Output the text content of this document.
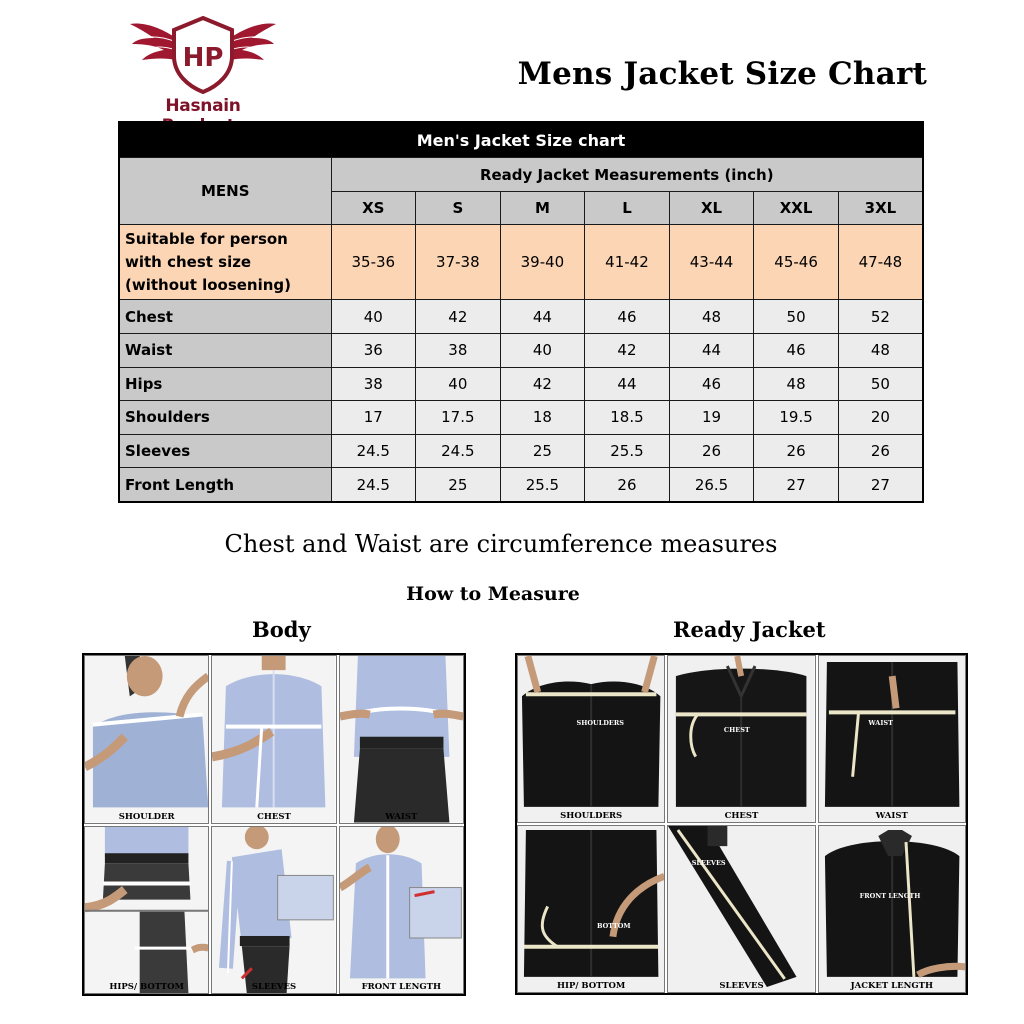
HP
Hasnain
Mens Jacket Size Chart
Men's Jacket Size chart							
MENS	Ready Jacket Measurements (inch)						
	XS	S	M	L	XL	XXL	3XL

Suitable for person
with chest size
(without loosening)	35-36	37-38	39-40	41-42	43-44	45-46	47-48
Chest	40	42	44	46	48	50	52
Waist	36	38	40	42	44	46	48
Hips	38	40	42	44	46	48	50
Shoulders	17	17.5	18	18.5	19	19.5	20
Sleeves	24.5	24.5	25	25.5	26	26	26
Front Length	24.5	25	25.5	26	26.5	27	27
Chest and Waist are circumference measures
How to Measure
Body	Ready Jacket
SHOULDER	CHEST	WAIST
HIPS/ BOTTOM	SLEEVES	FRONT LENGTH
SHOULDERS
SHOULDERS
CHEST
CHEST
WAIST
WAIST
BOTTOM
HIP/ BOTTOM
SLEEVES
SLEEVES
FRONT LENGTH
JACKET LENGTH
